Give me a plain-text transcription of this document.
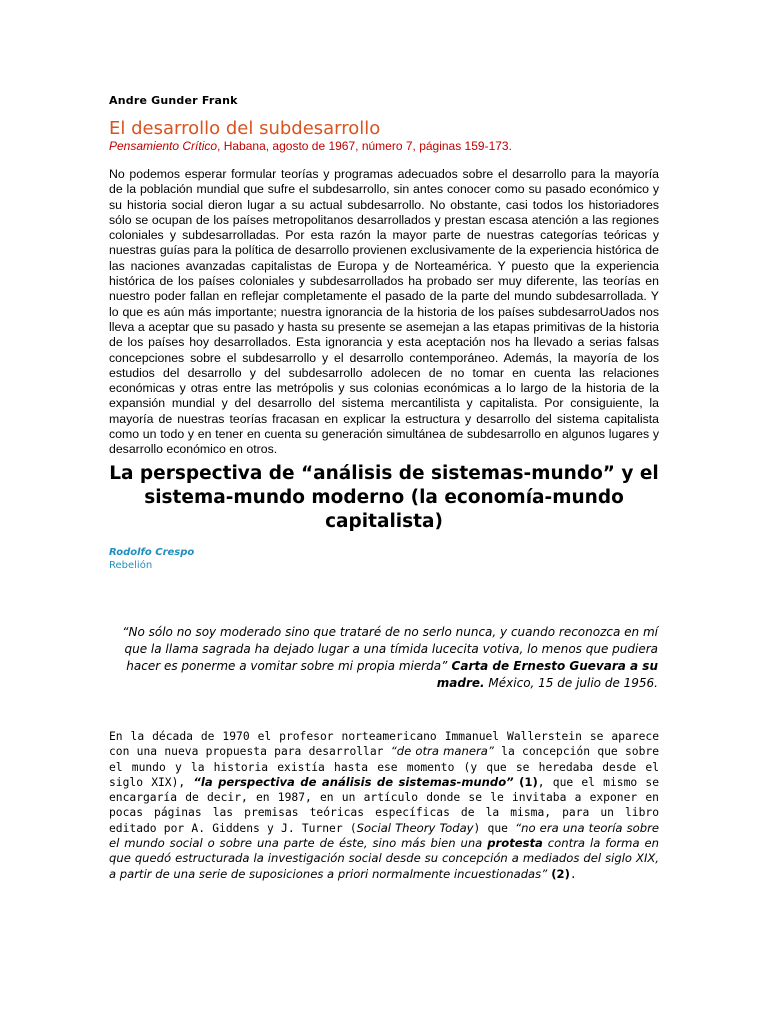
Andre Gunder Frank
El desarrollo del subdesarrollo
Pensamiento Crítico, Habana, agosto de 1967, número 7, páginas 159-173.
No podemos esperar formular teorías y programas adecuados sobre el desarrollo para la mayoría de la población mundial que sufre el subdesarrollo, sin antes conocer como su pasado económico y su historia social dieron lugar a su actual subdesarrollo. No obstante, casi todos los historiadores sólo se ocupan de los países metropolitanos desarrollados y prestan escasa atención a las regiones coloniales y subdesarrolladas. Por esta razón la mayor parte de nuestras categorías teóricas y nuestras guías para la política de desarrollo provienen exclusivamente de la experiencia histórica de las naciones avanzadas capitalistas de Europa y de Norteamérica. Y puesto que la experiencia histórica de los países coloniales y subdesarrollados ha probado ser muy diferente, las teorías en nuestro poder fallan en reflejar completamente el pasado de la parte del mundo subdesarrollada. Y lo que es aún más importante; nuestra ignorancia de la historia de los países subdesarroUados nos lleva a aceptar que su pasado y hasta su presente se asemejan a las etapas primitivas de la historia de los países hoy desarrollados. Esta ignorancia y esta aceptación nos ha llevado a serias falsas concepciones sobre el subdesarrollo y el desarrollo contemporáneo. Además, la mayoría de los estudios del desarrollo y del subdesarrollo adolecen de no tomar en cuenta las relaciones económicas y otras entre las metrópolis y sus colonias económicas a lo largo de la historia de la expansión mundial y del desarrollo del sistema mercantilista y capitalista. Por consiguiente, la mayoría de nuestras teorías fracasan en explicar la estructura y desarrollo del sistema capitalista como un todo y en tener en cuenta su generación simultánea de subdesarrollo en algunos lugares y desarrollo económico en otros.
La perspectiva de “análisis de sistemas-mundo” y el sistema-mundo moderno (la economía-mundo capitalista)
Rodolfo Crespo
Rebelión
“No sólo no soy moderado sino que trataré de no serlo nunca, y cuando reconozca en mí que la llama sagrada ha dejado lugar a una tímida lucecita votiva, lo menos que pudiera hacer es ponerme a vomitar sobre mi propia mierda” Carta de Ernesto Guevara a su madre. México, 15 de julio de 1956.
En la década de 1970 el profesor norteamericano Immanuel Wallerstein se aparece con una nueva propuesta para desarrollar “de otra manera” la concepción que sobre el mundo y la historia existía hasta ese momento (y que se heredaba desde el siglo XIX), “la perspectiva de análisis de sistemas-mundo” (1), que el mismo se encargaría de decir, en 1987, en un artículo donde se le invitaba a exponer en pocas páginas las premisas teóricas específicas de la misma, para un libro editado por A. Giddens y J. Turner (Social Theory Today) que “no era una teoría sobre el mundo social o sobre una parte de éste, sino más bien una protesta contra la forma en que quedó estructurada la investigación social desde su concepción a mediados del siglo XIX, a partir de una serie de suposiciones a priori normalmente incuestionadas” (2).
